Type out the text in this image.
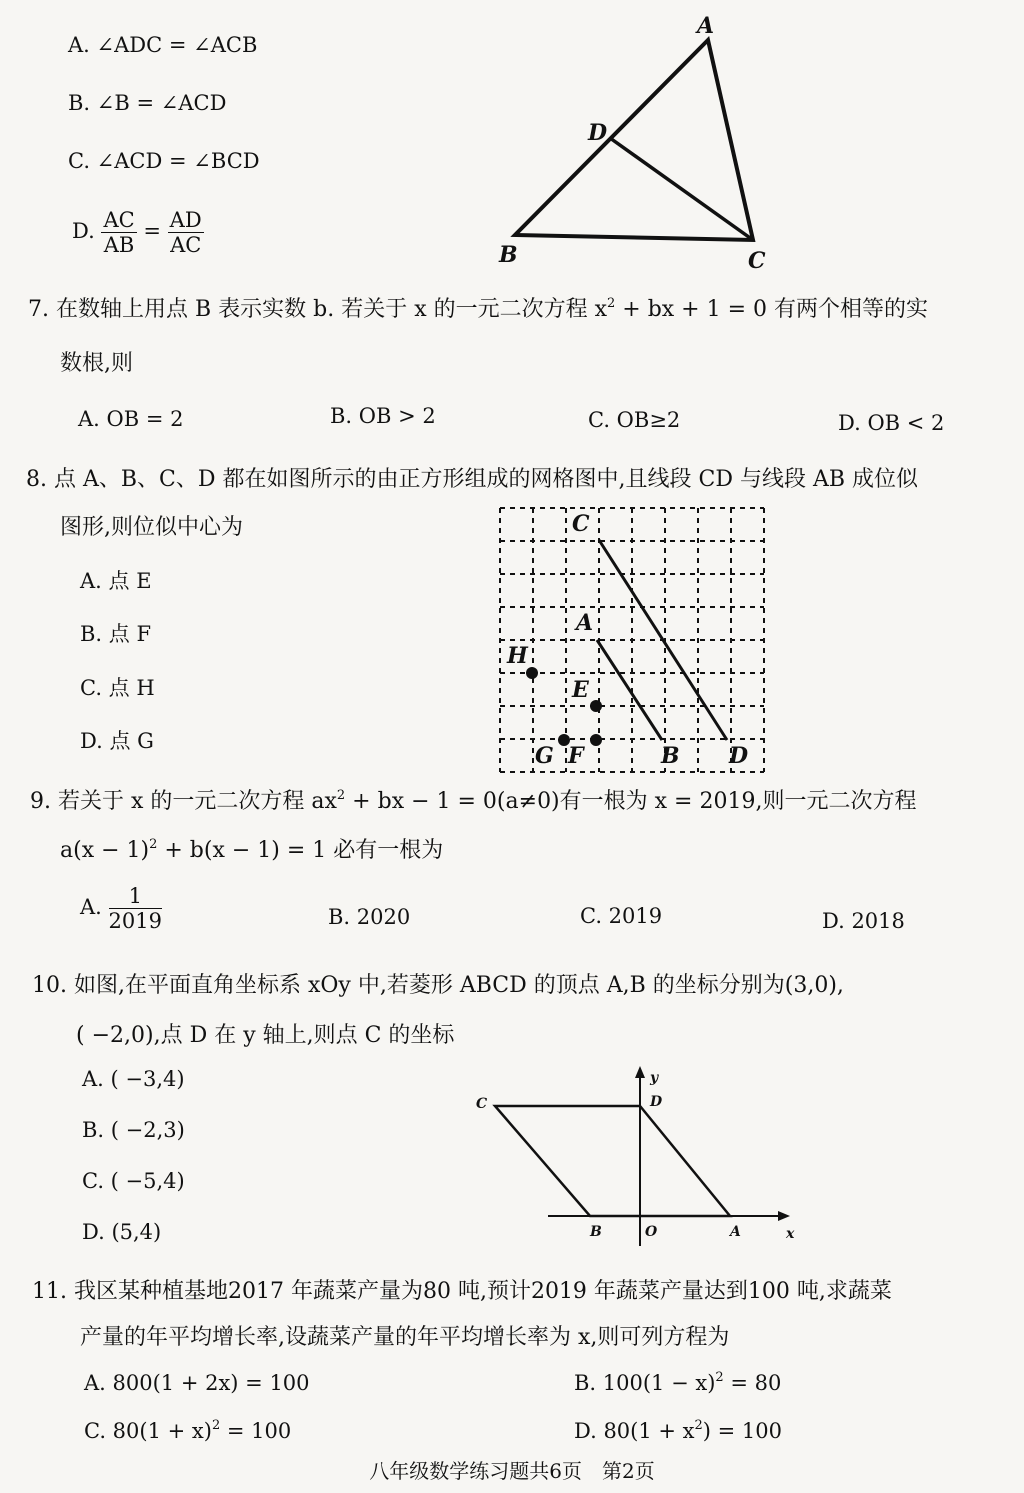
A. ∠ADC = ∠ACB
B. ∠B = ∠ACD
C. ∠ACD = ∠BCD
D. $\frac{AC}{AB} = \frac{AD}{AC}$
A
D
B	C
7. 在数轴上用点 B 表示实数 b. 若关于 x 的一元二次方程 $x^2$ + bx + 1 = 0 有两个相等的实
数根,则
A. OB = 2	B. OB > 2	C. OB≥2	D. OB < 2
8. 点 A、B、C、D 都在如图所示的由正方形组成的网格图中,且线段 CD 与线段 AB 成位似
图形,则位似中心为
A. 点 E
B. 点 F
C. 点 H
D. 点 G
C
A
H
E
G F	B D
9. 若关于 x 的一元二次方程 $ax^2$ + bx − 1 = 0(a≠0)有一根为 x = 2019,则一元二次方程
$a(x - 1)^2 + b(x - 1) = 1$ 必有一根为
A. $\frac{1}{2019}$	B. 2020	C. 2019	D. 2018
10. 如图,在平面直角坐标系 xOy 中,若菱形 ABCD 的顶点 A,B 的坐标分别为(3,0),
( −2,0),点 D 在 y 轴上,则点 C 的坐标
A. ( −3,4)
B. ( −2,3)
C. ( −5,4)
D. (5,4)
C	D
y
B	O	A	x
11. 我区某种植基地2017 年蔬菜产量为80 吨,预计2019 年蔬菜产量达到100 吨,求蔬菜
产量的年平均增长率,设蔬菜产量的年平均增长率为 x,则可列方程为
A. 800(1 + 2x) = 100	B. $100(1 - x)^2 = 80$
C. $80(1 + x)^2 = 100$	D. $80(1 + x^2) = 100$
八年级数学练习题共6页　第2页
